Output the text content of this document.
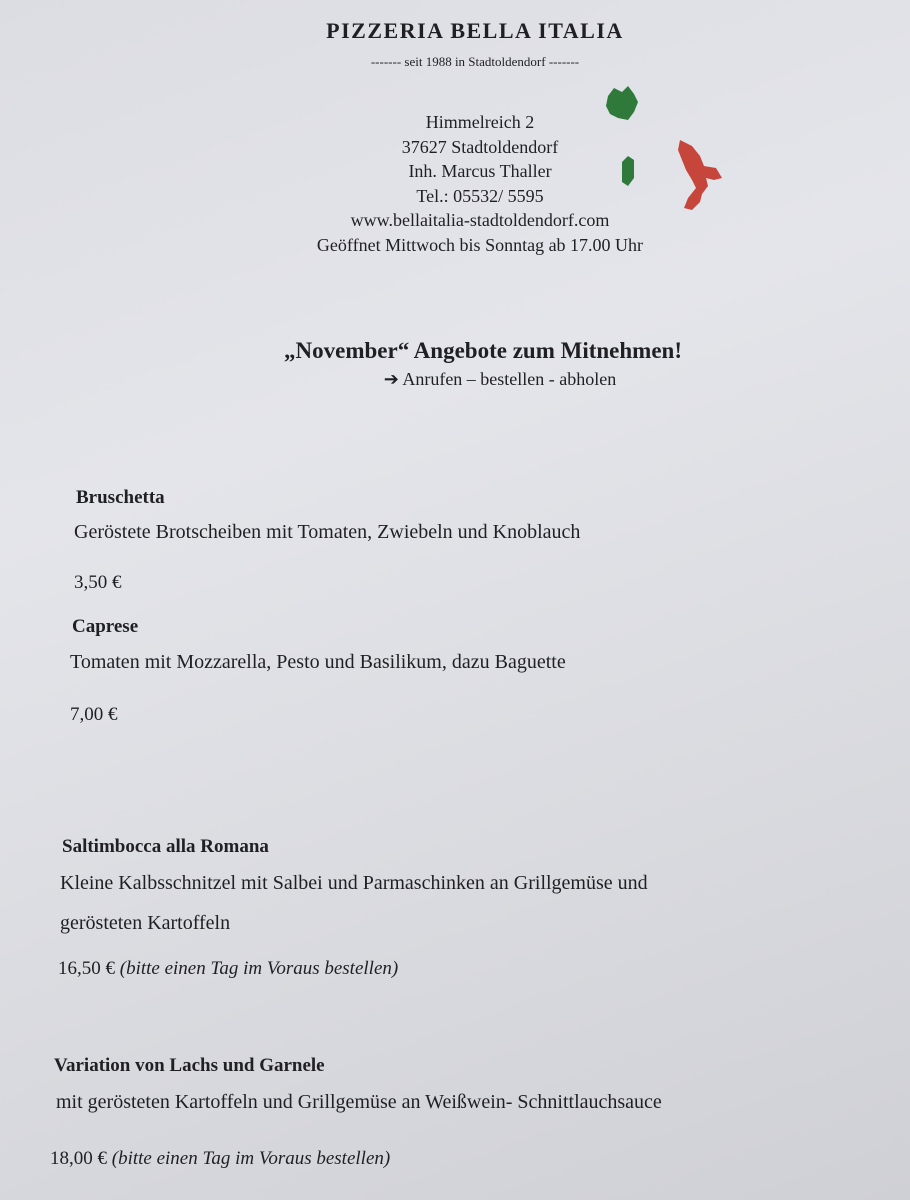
PIZZERIA BELLA ITALIA
------- seit 1988 in Stadtoldendorf -------
Himmelreich 2
37627 Stadtoldendorf
Inh. Marcus Thaller
Tel.: 05532/ 5595
www.bellaitalia-stadtoldendorf.com
Geöffnet Mittwoch bis Sonntag ab 17.00 Uhr
„November“ Angebote zum Mitnehmen!
➔ Anrufen – bestellen - abholen
Bruschetta
Geröstete Brotscheiben mit Tomaten, Zwiebeln und Knoblauch
3,50 €
Caprese
Tomaten mit Mozzarella, Pesto und Basilikum, dazu Baguette
7,00 €
Saltimbocca alla Romana
Kleine Kalbsschnitzel mit Salbei und Parmaschinken an Grillgemüse und
gerösteten Kartoffeln
16,50 € (bitte einen Tag im Voraus bestellen)
Variation von Lachs und Garnele
mit gerösteten Kartoffeln und Grillgemüse an Weißwein- Schnittlauchsauce
18,00 € (bitte einen Tag im Voraus bestellen)
